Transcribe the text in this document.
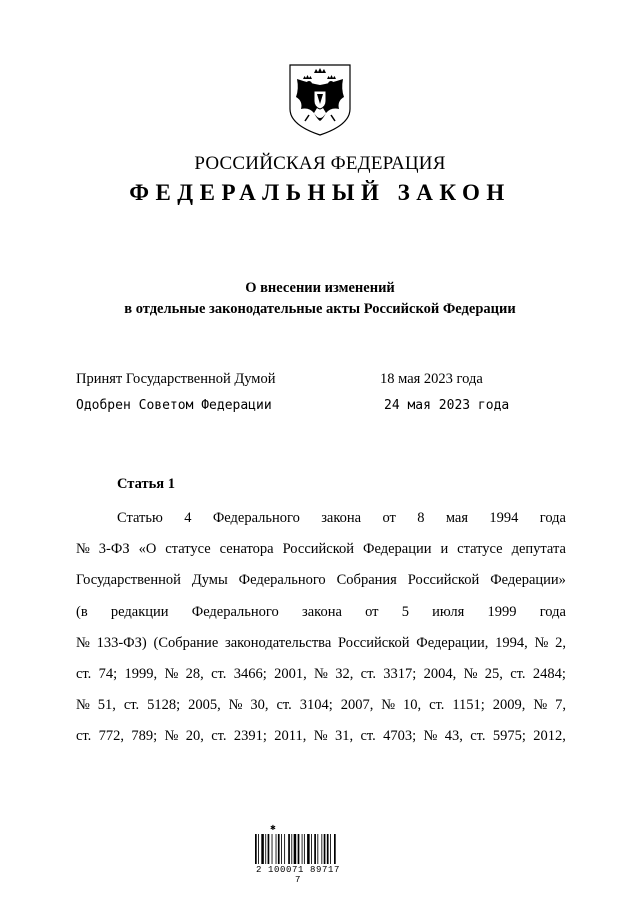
РОССИЙСКАЯ ФЕДЕРАЦИЯ
ФЕДЕРАЛЬНЫЙ ЗАКОН
О внесении изменений
в отдельные законодательные акты Российской Федерации
Принят Государственной Думой	18 мая 2023 года
Одобрен Советом Федерации	24 мая 2023 года
Статья 1
Статью 4 Федерального закона от 8 мая 1994 года
№ 3-ФЗ «О статусе сенатора Российской Федерации и статусе депутата
Государственной Думы Федерального Собрания Российской Федерации»
(в редакции Федерального закона от 5 июля 1999 года
№ 133-ФЗ) (Собрание законодательства Российской Федерации, 1994, № 2,
ст. 74; 1999, № 28, ст. 3466; 2001, № 32, ст. 3317; 2004, № 25, ст. 2484;
№ 51, ст. 5128; 2005, № 30, ст. 3104; 2007, № 10, ст. 1151; 2009, № 7,
ст. 772, 789; № 20, ст. 2391; 2011, № 31, ст. 4703; № 43, ст. 5975; 2012,
✱
2 100071 89717 7
